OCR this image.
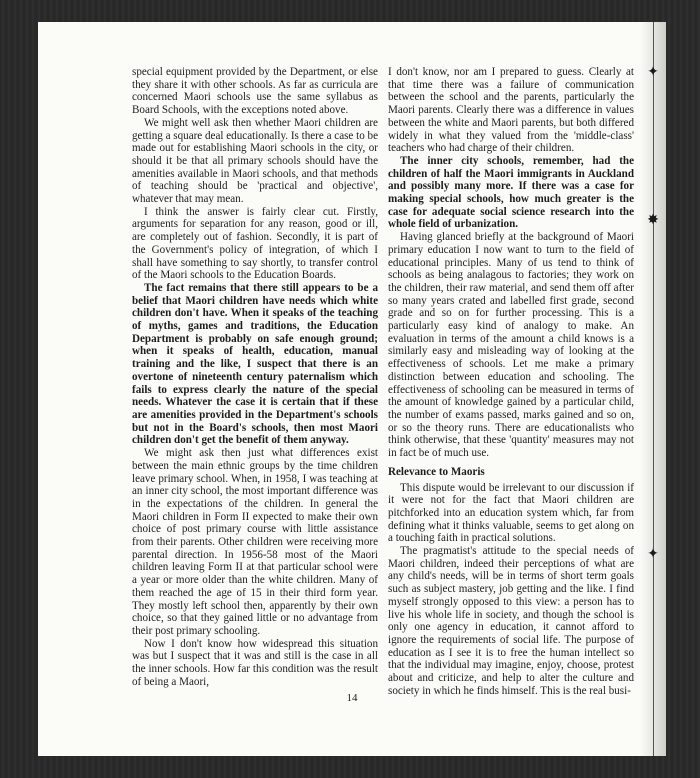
special equipment provided by the Department, or else they share it with other schools. As far as curricula are concerned Maori schools use the same syllabus as Board Schools, with the exceptions noted above.

We might well ask then whether Maori children are getting a square deal educationally. Is there a case to be made out for establishing Maori schools in the city, or should it be that all primary schools should have the amenities available in Maori schools, and that methods of teaching should be 'practical and objective', whatever that may mean.

I think the answer is fairly clear cut. Firstly, arguments for separation for any reason, good or ill, are completely out of fashion. Secondly, it is part of the Government's policy of integration, of which I shall have something to say shortly, to transfer control of the Maori schools to the Education Boards.

The fact remains that there still appears to be a belief that Maori children have needs which white children don't have. When it speaks of the teaching of myths, games and traditions, the Education Department is probably on safe enough ground; when it speaks of health, education, manual training and the like, I suspect that there is an overtone of nineteenth century paternalism which fails to express clearly the nature of the special needs. Whatever the case it is certain that if these are amenities provided in the Department's schools but not in the Board's schools, then most Maori children don't get the benefit of them anyway.

We might ask then just what differences exist between the main ethnic groups by the time children leave primary school. When, in 1958, I was teaching at an inner city school, the most important difference was in the expectations of the children. In general the Maori children in Form II expected to make their own choice of post primary course with little assistance from their parents. Other children were receiving more parental direction. In 1956-58 most of the Maori children leaving Form II at that particular school were a year or more older than the white children. Many of them reached the age of 15 in their third form year. They mostly left school then, apparently by their own choice, so that they gained little or no advantage from their post primary schooling.

Now I don't know how widespread this situation was but I suspect that it was and still is the case in all the inner schools. How far this condition was the result of being a Maori,

I don't know, nor am I prepared to guess. Clearly at that time there was a failure of communication between the school and the parents, particularly the Maori parents. Clearly there was a difference in values between the white and Maori parents, but both differed widely in what they valued from the 'middle-class' teachers who had charge of their children.

The inner city schools, remember, had the children of half the Maori immigrants in Auckland and possibly many more. If there was a case for making special schools, how much greater is the case for adequate social science research into the whole field of urbanization.

Having glanced briefly at the background of Maori primary education I now want to turn to the field of educational principles. Many of us tend to think of schools as being analagous to factories; they work on the children, their raw material, and send them off after so many years crated and labelled first grade, second grade and so on for further processing. This is a particularly easy kind of analogy to make. An evaluation in terms of the amount a child knows is a similarly easy and misleading way of looking at the effectiveness of schools. Let me make a primary distinction between education and schooling. The effectiveness of schooling can be measured in terms of the amount of knowledge gained by a particular child, the number of exams passed, marks gained and so on, or so the theory runs. There are educationalists who think otherwise, that these 'quantity' measures may not in fact be of much use.

Relevance to Maoris

This dispute would be irrelevant to our discussion if it were not for the fact that Maori children are pitchforked into an education system which, far from defining what it thinks valuable, seems to get along on a touching faith in practical solutions.

The pragmatist's attitude to the special needs of Maori children, indeed their perceptions of what are any child's needs, will be in terms of short term goals such as subject mastery, job getting and the like. I find myself strongly opposed to this view: a person has to live his whole life in society, and though the school is only one agency in education, it cannot afford to ignore the requirements of social life. The purpose of education as I see it is to free the human intellect so that the individual may imagine, enjoy, choose, protest about and criticize, and help to alter the culture and society in which he finds himself. This is the real busi-

14
✦
✸
✦
